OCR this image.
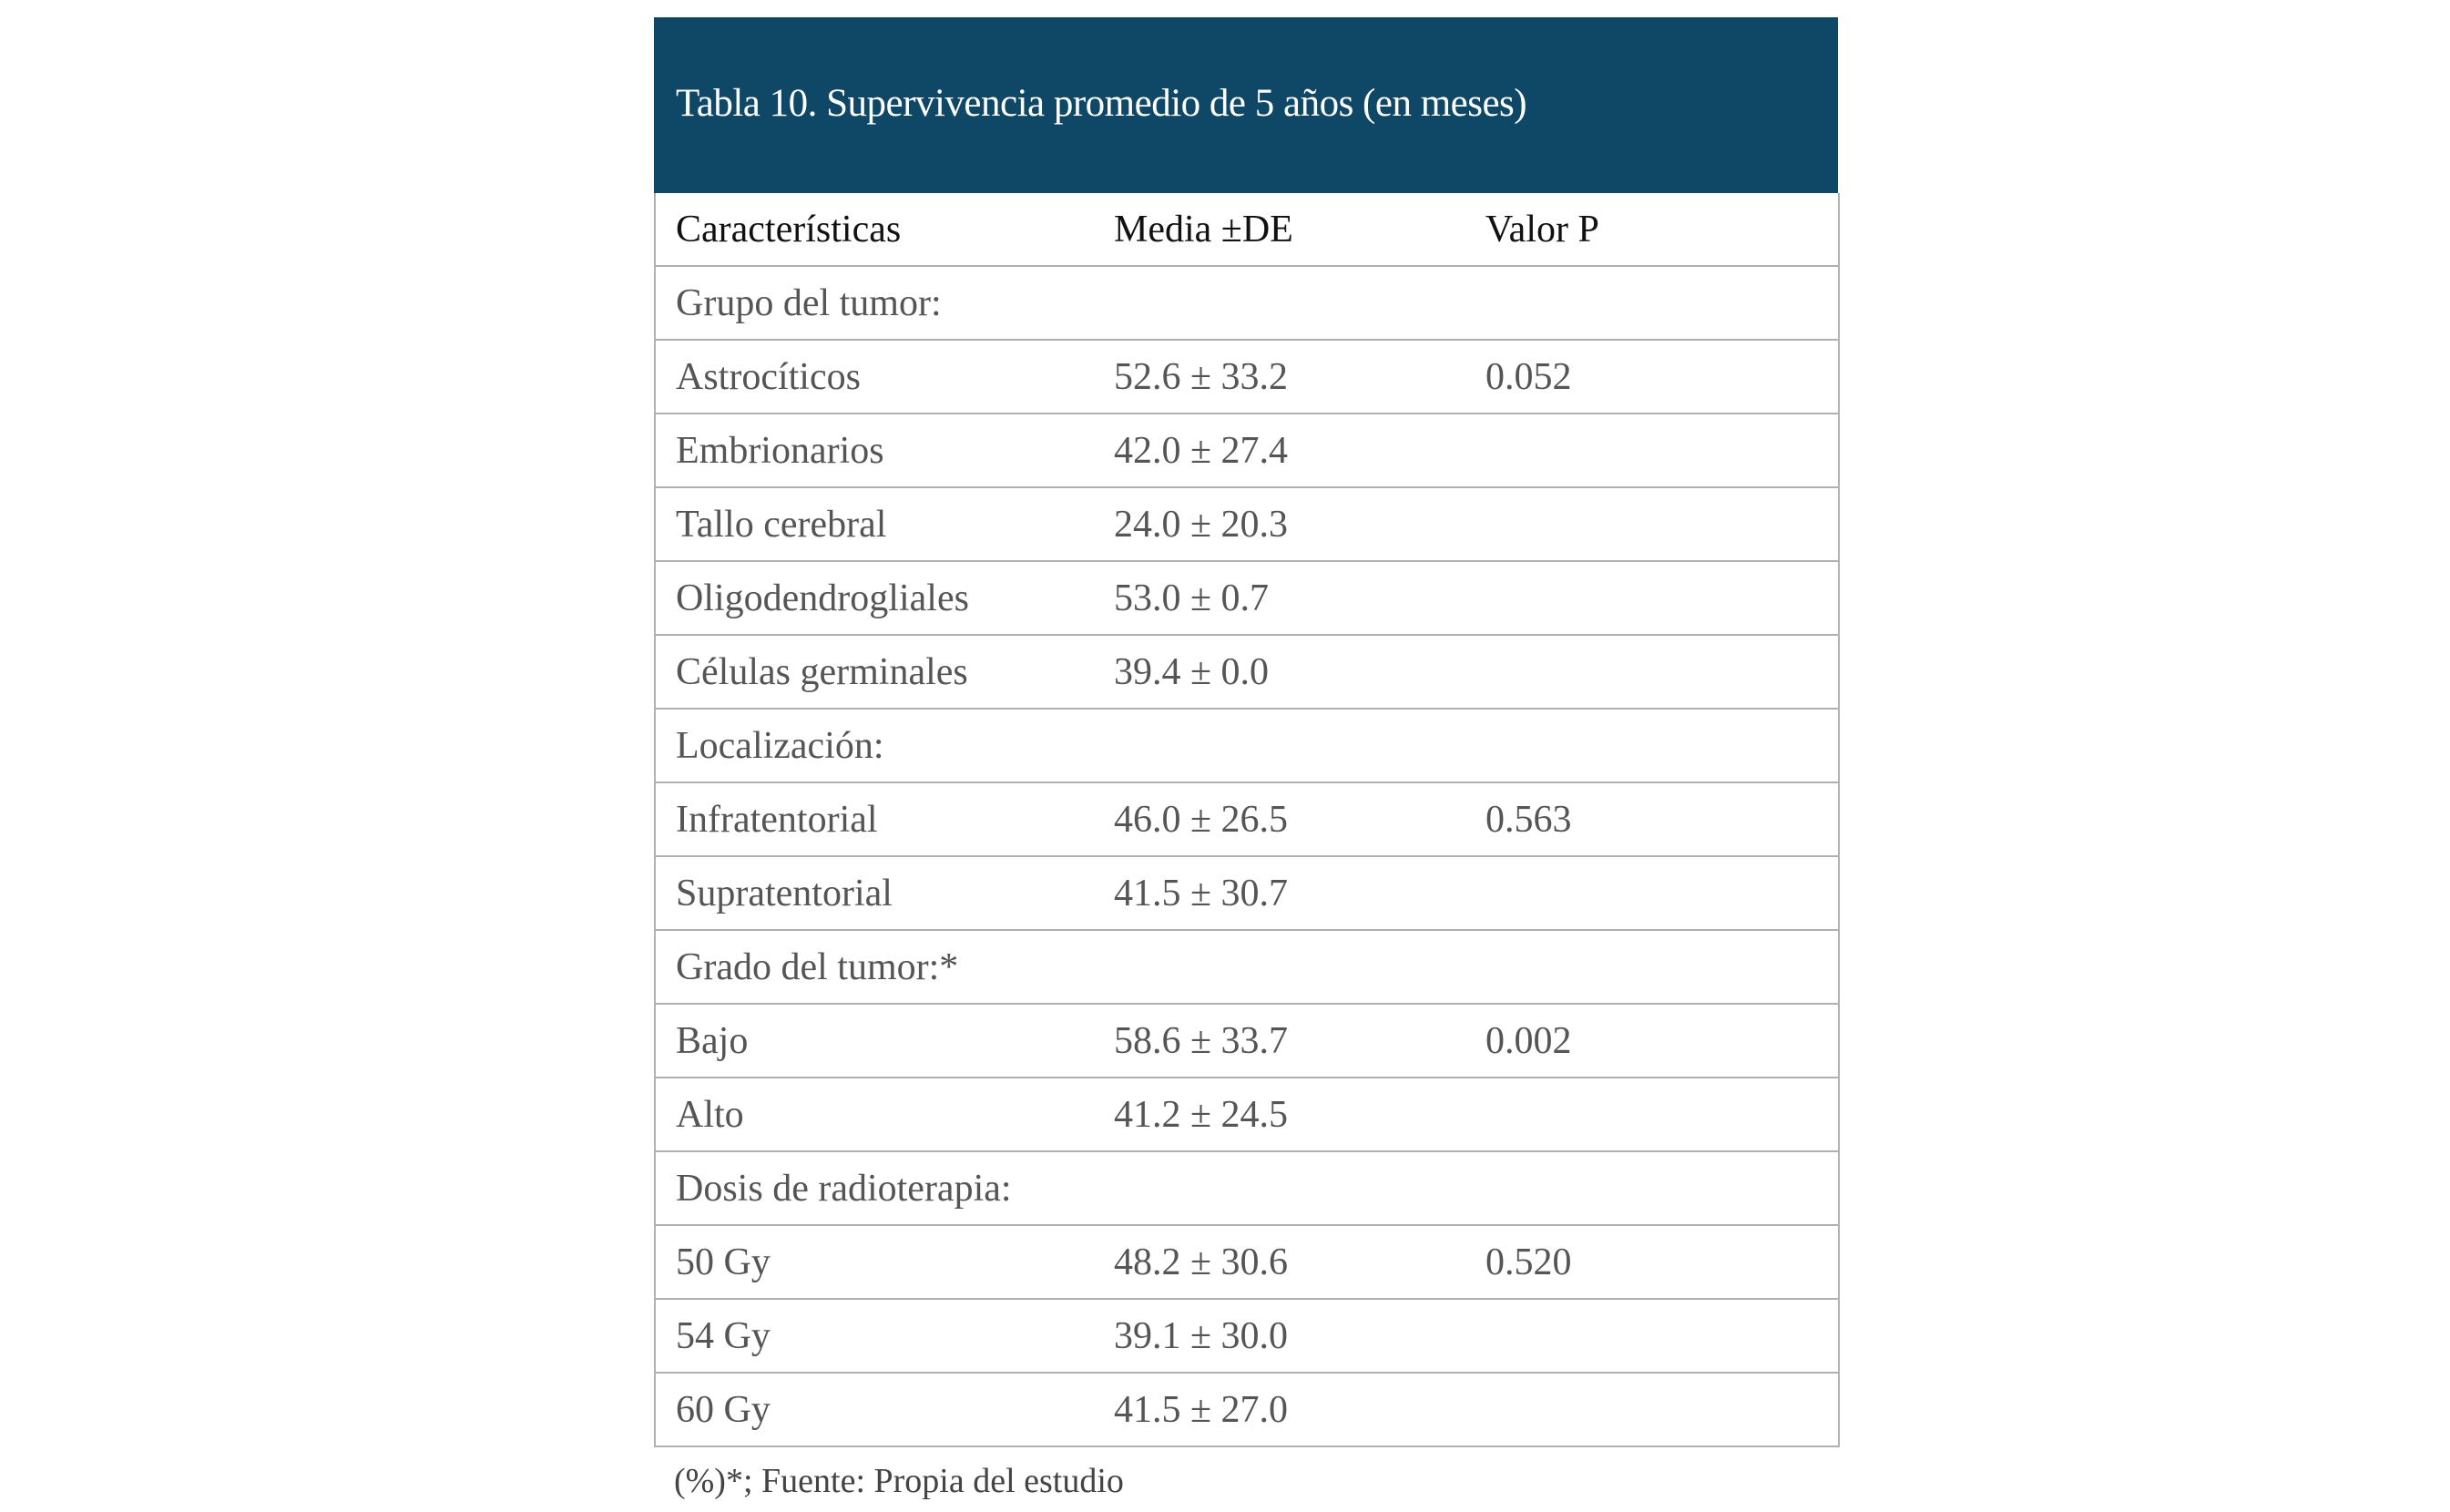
Tabla 10. Supervivencia promedio de 5 años (en meses)
Características	Media ±DE	Valor P
Grupo del tumor:		
Astrocíticos	52.6 ± 33.2	0.052
Embrionarios	42.0 ± 27.4	
Tallo cerebral	24.0 ± 20.3	
Oligodendrogliales	53.0 ± 0.7	
Células germinales	39.4 ± 0.0	
Localización:		
Infratentorial	46.0 ± 26.5	0.563
Supratentorial	41.5 ± 30.7	
Grado del tumor:*		
Bajo	58.6 ± 33.7	0.002
Alto	41.2 ± 24.5	
Dosis de radioterapia:		
50 Gy	48.2 ± 30.6	0.520
54 Gy	39.1 ± 30.0	
60 Gy	41.5 ± 27.0	
(%)*; Fuente: Propia del estudio
